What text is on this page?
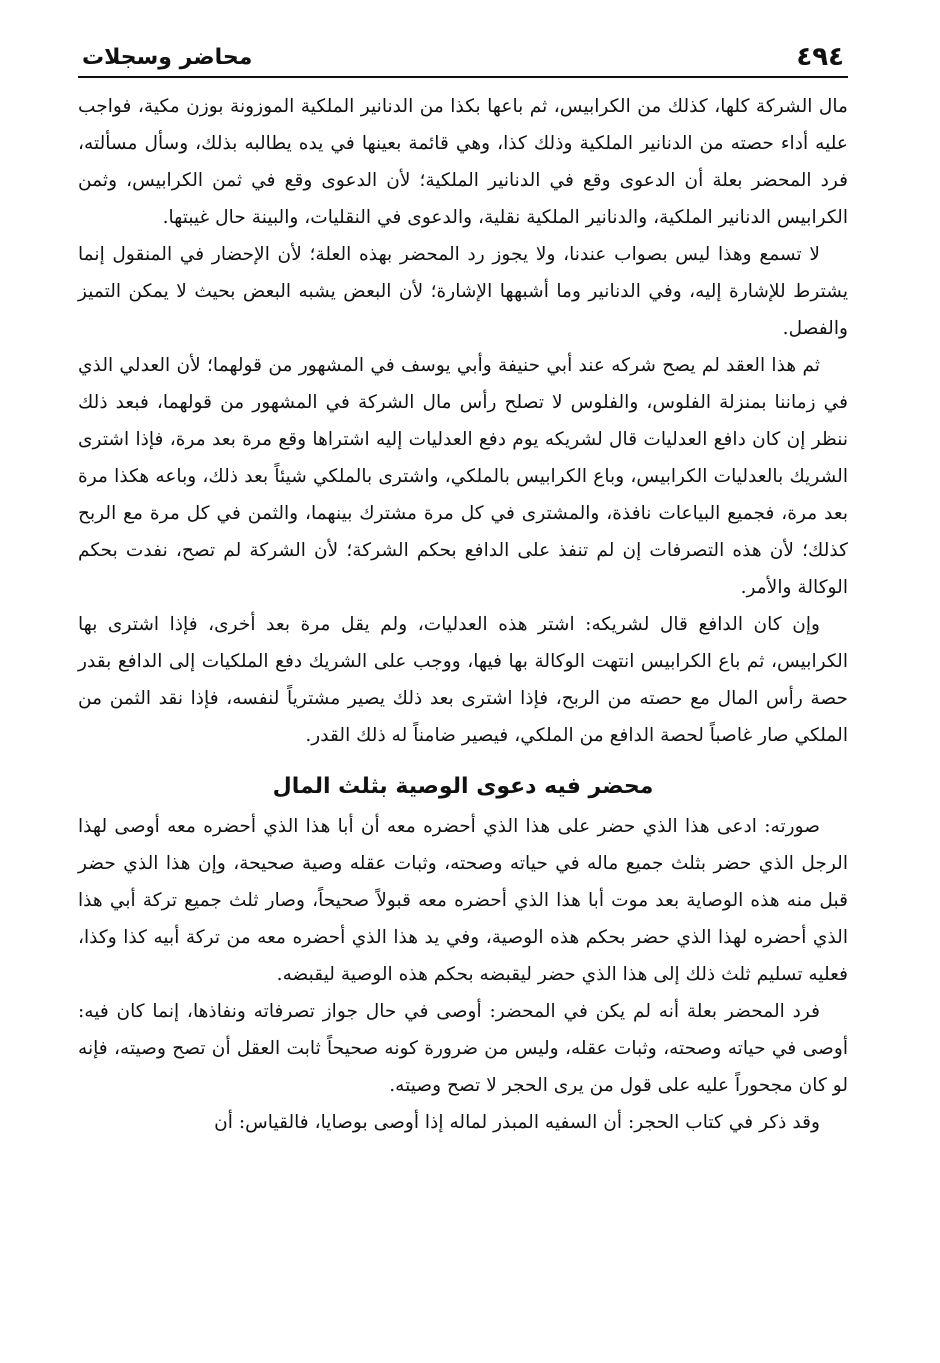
٤٩٤
محاضر وسجلات

مال الشركة كلها، كذلك من الكرابيس، ثم باعها بكذا من الدنانير الملكية الموزونة بوزن مكية، فواجب عليه أداء حصته من الدنانير الملكية وذلك كذا، وهي قائمة بعينها في يده يطالبه بذلك، وسأل مسألته، فرد المحضر بعلة أن الدعوى وقع في الدنانير الملكية؛ لأن الدعوى وقع في ثمن الكرابيس، وثمن الكرابيس الدنانير الملكية، والدنانير الملكية نقلية، والدعوى في النقليات، والبينة حال غيبتها.

لا تسمع وهذا ليس بصواب عندنا، ولا يجوز رد المحضر بهذه العلة؛ لأن الإحضار في المنقول إنما يشترط للإشارة إليه، وفي الدنانير وما أشبهها الإشارة؛ لأن البعض يشبه البعض بحيث لا يمكن التميز والفصل.

ثم هذا العقد لم يصح شركه عند أبي حنيفة وأبي يوسف في المشهور من قولهما؛ لأن العدلي الذي في زماننا بمنزلة الفلوس، والفلوس لا تصلح رأس مال الشركة في المشهور من قولهما، فبعد ذلك ننظر إن كان دافع العدليات قال لشريكه يوم دفع العدليات إليه اشتراها وقع مرة بعد مرة، فإذا اشترى الشريك بالعدليات الكرابيس، وباع الكرابيس بالملكي، واشترى بالملكي شيئاً بعد ذلك، وباعه هكذا مرة بعد مرة، فجميع البياعات نافذة، والمشترى في كل مرة مشترك بينهما، والثمن في كل مرة مع الربح كذلك؛ لأن هذه التصرفات إن لم تنفذ على الدافع بحكم الشركة؛ لأن الشركة لم تصح، نفدت بحكم الوكالة والأمر.

وإن كان الدافع قال لشريكه: اشتر هذه العدليات، ولم يقل مرة بعد أخرى، فإذا اشترى بها الكرابيس، ثم باع الكرابيس انتهت الوكالة بها فيها، ووجب على الشريك دفع الملكيات إلى الدافع بقدر حصة رأس المال مع حصته من الربح، فإذا اشترى بعد ذلك يصير مشترياً لنفسه، فإذا نقد الثمن من الملكي صار غاصباً لحصة الدافع من الملكي، فيصير ضامناً له ذلك القدر.

محضر فيه دعوى الوصية بثلث المال

صورته: ادعى هذا الذي حضر على هذا الذي أحضره معه أن أبا هذا الذي أحضره معه أوصى لهذا الرجل الذي حضر بثلث جميع ماله في حياته وصحته، وثبات عقله وصية صحيحة، وإن هذا الذي حضر قبل منه هذه الوصاية بعد موت أبا هذا الذي أحضره معه قبولاً صحيحاً، وصار ثلث جميع تركة أبي هذا الذي أحضره لهذا الذي حضر بحكم هذه الوصية، وفي يد هذا الذي أحضره معه من تركة أبيه كذا وكذا، فعليه تسليم ثلث ذلك إلى هذا الذي حضر ليقبضه بحكم هذه الوصية ليقبضه.

فرد المحضر بعلة أنه لم يكن في المحضر: أوصى في حال جواز تصرفاته ونفاذها، إنما كان فيه: أوصى في حياته وصحته، وثبات عقله، وليس من ضرورة كونه صحيحاً ثابت العقل أن تصح وصيته، فإنه لو كان مجحوراً عليه على قول من يرى الحجر لا تصح وصيته.

وقد ذكر في كتاب الحجر: أن السفيه المبذر لماله إذا أوصى بوصايا، فالقياس: أن
